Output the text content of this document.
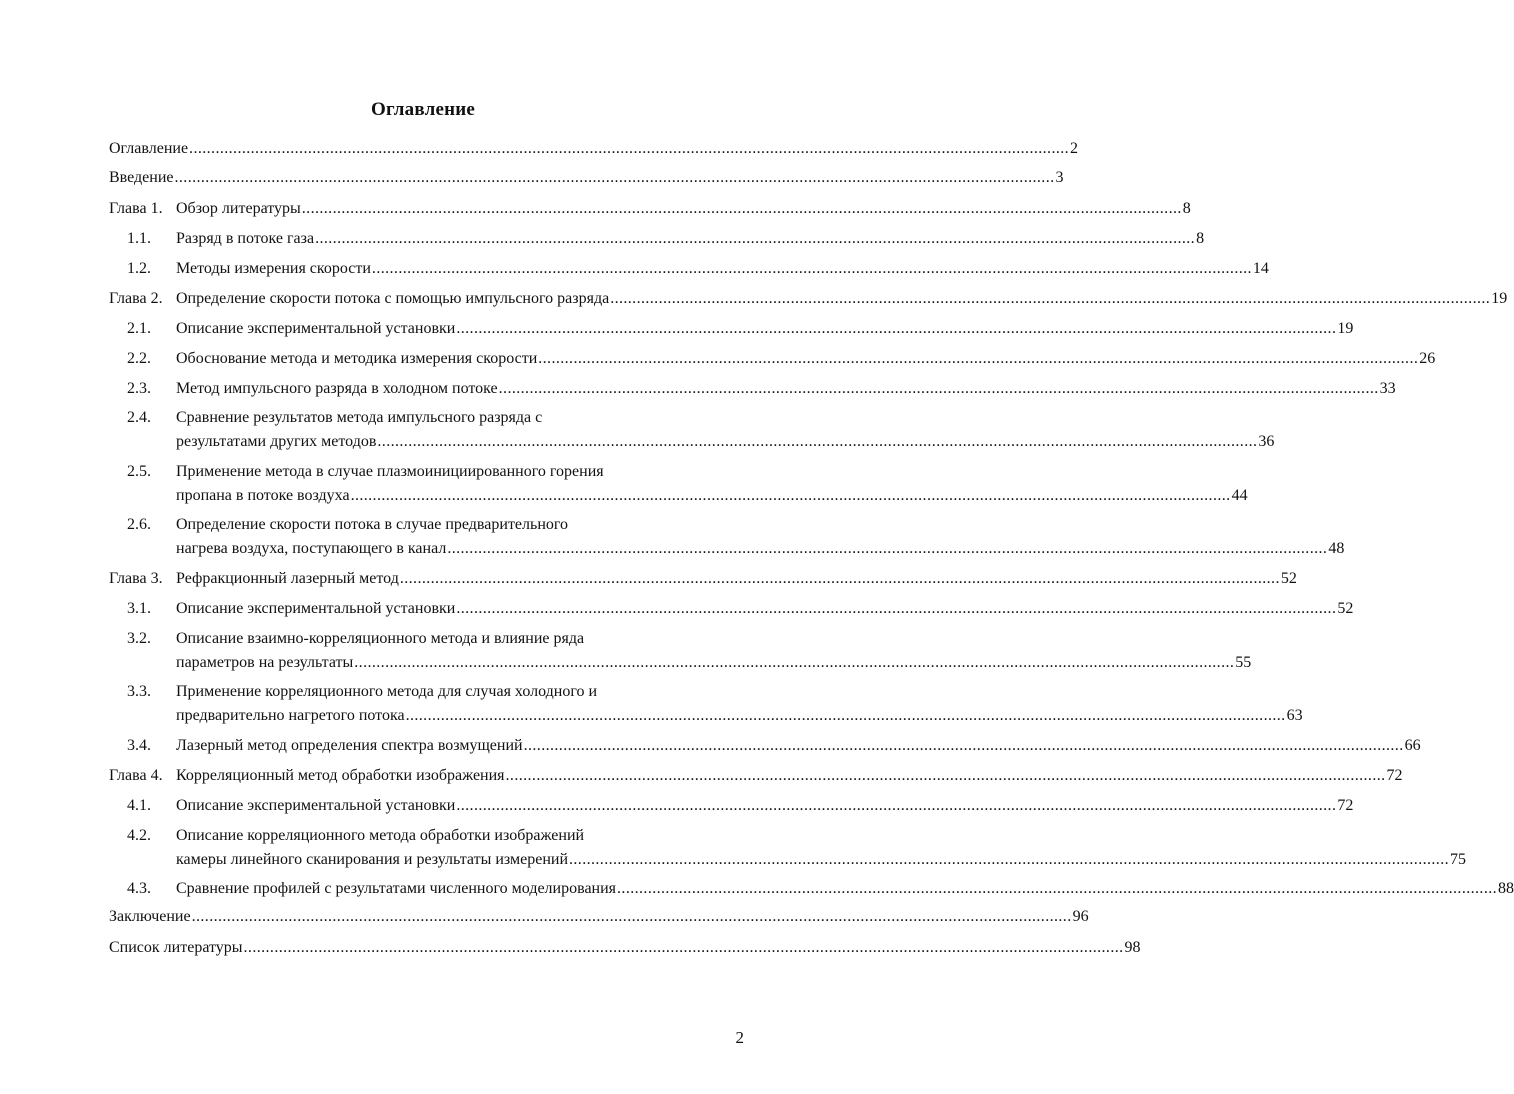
Оглавление
Оглавление ........................................................................................................................................................................................................ 2
Введение ........................................................................................................................................................................................................ 3
Глава 1. Обзор литературы ........................................................................................................................................................................................................ 8
1.1.	Разряд в потоке газа ........................................................................................................................................................................................................ 8
1.2.	Методы измерения скорости ........................................................................................................................................................................................................ 14
Глава 2. Определение скорости потока с помощью импульсного разряда ........................................................................................................................................................................................................ 19
2.1.	Описание экспериментальной установки ........................................................................................................................................................................................................ 19
2.2.	Обоснование метода и методика измерения скорости ........................................................................................................................................................................................................ 26
2.3.	Метод импульсного разряда в холодном потоке ........................................................................................................................................................................................................ 33
2.4.	Сравнение результатов метода импульсного разряда с
результатами других методов ........................................................................................................................................................................................................ 36
2.5.	Применение метода в случае плазмоинициированного горения
пропана в потоке воздуха ........................................................................................................................................................................................................ 44
2.6.	Определение скорости потока в случае предварительного
нагрева воздуха, поступающего в канал ........................................................................................................................................................................................................ 48
Глава 3. Рефракционный лазерный метод ........................................................................................................................................................................................................ 52
3.1.	Описание экспериментальной установки ........................................................................................................................................................................................................ 52
3.2.	Описание взаимно-корреляционного метода и влияние ряда
параметров на результаты ........................................................................................................................................................................................................ 55
3.3.	Применение корреляционного метода для случая холодного и
предварительно нагретого потока ........................................................................................................................................................................................................ 63
3.4.	Лазерный метод определения спектра возмущений ........................................................................................................................................................................................................ 66
Глава 4. Корреляционный метод обработки изображения ........................................................................................................................................................................................................ 72
4.1.	Описание экспериментальной установки ........................................................................................................................................................................................................ 72
4.2.	Описание корреляционного метода обработки изображений
камеры линейного сканирования и результаты измерений ........................................................................................................................................................................................................ 75
4.3.	Сравнение профилей с результатами численного моделирования ........................................................................................................................................................................................................ 88
Заключение ........................................................................................................................................................................................................ 96
Список литературы ........................................................................................................................................................................................................ 98
2
